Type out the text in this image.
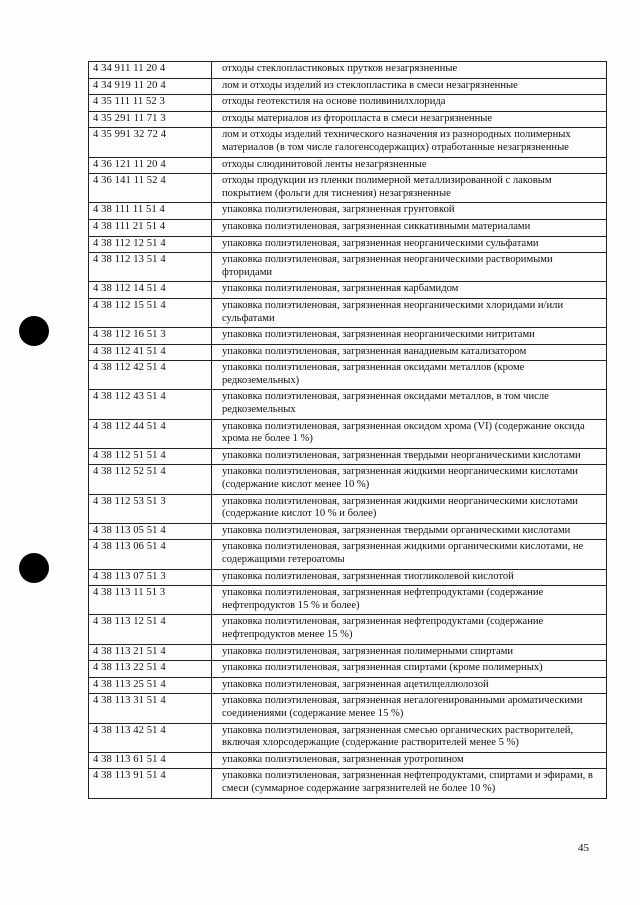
4 34 911 11 20 4	отходы стеклопластиковых прутков незагрязненные
4 34 919 11 20 4	лом и отходы изделий из стеклопластика в смеси незагрязненные
4 35 111 11 52 3	отходы геотекстиля на основе поливинилхлорида
4 35 291 11 71 3	отходы материалов из фторопласта в смеси незагрязненные
4 35 991 32 72 4	лом и отходы изделий технического назначения из разнородных полимерных материалов (в том числе галогенсодержащих) отработанные незагрязненные
4 36 121 11 20 4	отходы слюдинитовой ленты незагрязненные
4 36 141 11 52 4	отходы продукции из пленки полимерной металлизированной с лаковым покрытием (фольги для тиснения) незагрязненные
4 38 111 11 51 4	упаковка полиэтиленовая, загрязненная грунтовкой
4 38 111 21 51 4	упаковка полиэтиленовая, загрязненная сиккативными материалами
4 38 112 12 51 4	упаковка полиэтиленовая, загрязненная неорганическими сульфатами
4 38 112 13 51 4	упаковка полиэтиленовая, загрязненная неорганическими растворимыми фторидами
4 38 112 14 51 4	упаковка полиэтиленовая, загрязненная карбамидом
4 38 112 15 51 4	упаковка полиэтиленовая, загрязненная неорганическими хлоридами и/или сульфатами
4 38 112 16 51 3	упаковка полиэтиленовая, загрязненная неорганическими нитритами
4 38 112 41 51 4	упаковка полиэтиленовая, загрязненная ванадиевым катализатором
4 38 112 42 51 4	упаковка полиэтиленовая, загрязненная оксидами металлов (кроме редкоземельных)
4 38 112 43 51 4	упаковка полиэтиленовая, загрязненная оксидами металлов, в том числе редкоземельных
4 38 112 44 51 4	упаковка полиэтиленовая, загрязненная оксидом хрома (VI) (содержание оксида хрома не более 1 %)
4 38 112 51 51 4	упаковка полиэтиленовая, загрязненная твердыми неорганическими кислотами
4 38 112 52 51 4	упаковка полиэтиленовая, загрязненная жидкими неорганическими кислотами (содержание кислот менее 10 %)
4 38 112 53 51 3	упаковка полиэтиленовая, загрязненная жидкими неорганическими кислотами (содержание кислот 10 % и более)
4 38 113 05 51 4	упаковка полиэтиленовая, загрязненная твердыми органическими кислотами
4 38 113 06 51 4	упаковка полиэтиленовая, загрязненная жидкими органическими кислотами, не содержащими гетероатомы
4 38 113 07 51 3	упаковка полиэтиленовая, загрязненная тиогликолевой кислотой
4 38 113 11 51 3	упаковка полиэтиленовая, загрязненная нефтепродуктами (содержание нефтепродуктов 15 % и более)
4 38 113 12 51 4	упаковка полиэтиленовая, загрязненная нефтепродуктами (содержание нефтепродуктов менее 15 %)
4 38 113 21 51 4	упаковка полиэтиленовая, загрязненная полимерными спиртами
4 38 113 22 51 4	упаковка полиэтиленовая, загрязненная спиртами (кроме полимерных)
4 38 113 25 51 4	упаковка полиэтиленовая, загрязненная ацетилцеллюлозой
4 38 113 31 51 4	упаковка полиэтиленовая, загрязненная негалогенированными ароматическими соединениями (содержание менее 15 %)
4 38 113 42 51 4	упаковка полиэтиленовая, загрязненная смесью органических растворителей, включая хлорсодержащие (содержание растворителей менее 5 %)
4 38 113 61 51 4	упаковка полиэтиленовая, загрязненная уротропином
4 38 113 91 51 4	упаковка полиэтиленовая, загрязненная нефтепродуктами, спиртами и эфирами, в смеси (суммарное содержание загрязнителей не более 10 %)
45
